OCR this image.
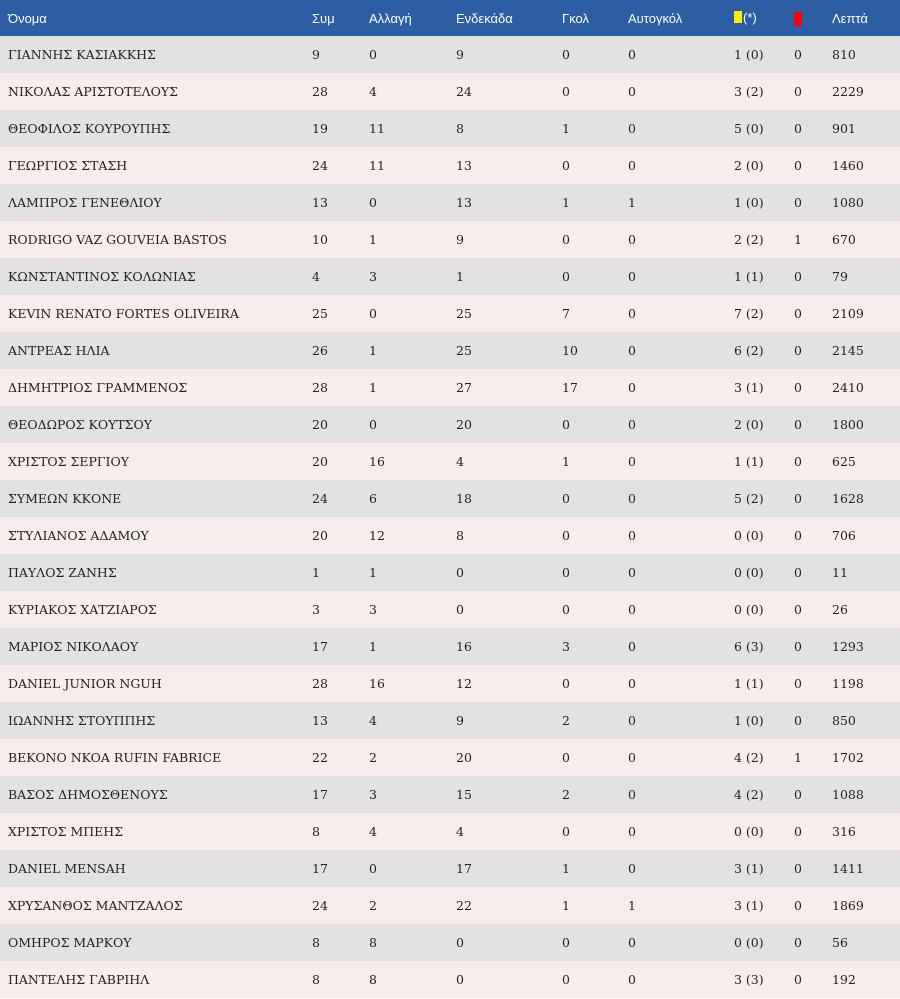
Όνομα	Συμ	Αλλαγή	Ενδεκάδα	Γκολ	Αυτογκόλ	(*)		Λεπτά
ΓΙΑΝΝΗΣ ΚΑΣΙΑΚΚΗΣ	9	0	9	0	0	1 (0)	0	810
ΝΙΚΟΛΑΣ ΑΡΙΣΤΟΤΕΛΟΥΣ	28	4	24	0	0	3 (2)	0	2229
ΘΕΟΦΙΛΟΣ ΚΟΥΡΟΥΠΗΣ	19	11	8	1	0	5 (0)	0	901
ΓΕΩΡΓΙΟΣ ΣΤΑΣΗ	24	11	13	0	0	2 (0)	0	1460
ΛΑΜΠΡΟΣ ΓΕΝΕΘΛΙΟΥ	13	0	13	1	1	1 (0)	0	1080
RODRIGO VAZ GOUVEIA BASTOS	10	1	9	0	0	2 (2)	1	670
ΚΩΝΣΤΑΝΤΙΝΟΣ ΚΟΛΩΝΙΑΣ	4	3	1	0	0	1 (1)	0	79
KEVIN RENATO FORTES OLIVEIRA	25	0	25	7	0	7 (2)	0	2109
ΑΝΤΡΕΑΣ ΗΛΙΑ	26	1	25	10	0	6 (2)	0	2145
ΔΗΜΗΤΡΙΟΣ ΓΡΑΜΜΕΝΟΣ	28	1	27	17	0	3 (1)	0	2410
ΘΕΟΔΩΡΟΣ ΚΟΥΤΣΟΥ	20	0	20	0	0	2 (0)	0	1800
ΧΡΙΣΤΟΣ ΣΕΡΓΙΟΥ	20	16	4	1	0	1 (1)	0	625
ΣΥΜΕΩΝ ΚΚΟΝΕ	24	6	18	0	0	5 (2)	0	1628
ΣΤΥΛΙΑΝΟΣ ΑΔΑΜΟΥ	20	12	8	0	0	0 (0)	0	706
ΠΑΥΛΟΣ ΖΑΝΗΣ	1	1	0	0	0	0 (0)	0	11
ΚΥΡΙΑΚΟΣ ΧΑΤΖΙΑΡΟΣ	3	3	0	0	0	0 (0)	0	26
ΜΑΡΙΟΣ ΝΙΚΟΛΑΟΥ	17	1	16	3	0	6 (3)	0	1293
DANIEL JUNIOR NGUH	28	16	12	0	0	1 (1)	0	1198
ΙΩΑΝΝΗΣ ΣΤΟΥΠΠΗΣ	13	4	9	2	0	1 (0)	0	850
BEKONO NKOA RUFIN FABRICE	22	2	20	0	0	4 (2)	1	1702
ΒΑΣΟΣ ΔΗΜΟΣΘΕΝΟΥΣ	17	3	15	2	0	4 (2)	0	1088
ΧΡΙΣΤΟΣ ΜΠΕΗΣ	8	4	4	0	0	0 (0)	0	316
DANIEL MENSAH	17	0	17	1	0	3 (1)	0	1411
ΧΡΥΣΑΝΘΟΣ ΜΑΝΤΖΑΛΟΣ	24	2	22	1	1	3 (1)	0	1869
ΟΜΗΡΟΣ ΜΑΡΚΟΥ	8	8	0	0	0	0 (0)	0	56
ΠΑΝΤΕΛΗΣ ΓΑΒΡΙΗΛ	8	8	0	0	0	3 (3)	0	192
